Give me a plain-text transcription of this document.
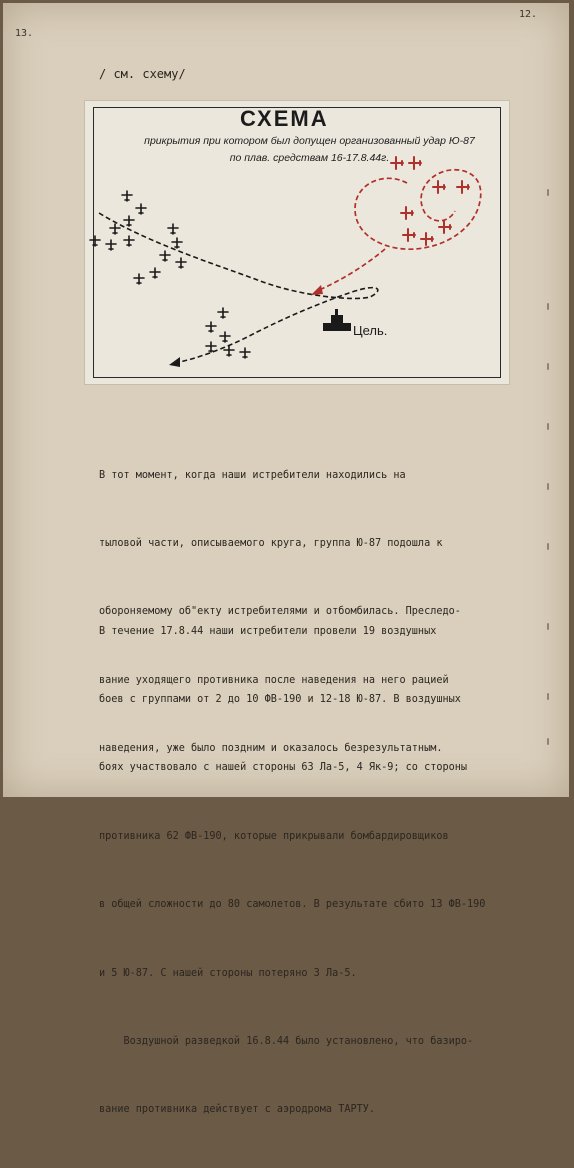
13.
12.
/ см. схему/
СХЕМА
прикрытия при котором был допущен организованный удар Ю-87 по плав. средствам 16-17.8.44г.
Цель.

В тот момент, когда наши истребители находились на

тыловой части, описываемого круга, группа Ю-87 подошла к

обороняемому об"екту истребителями и отбомбилась. Преследо-

вание уходящего противника после наведения на него рацией

наведения, уже было поздним и оказалось безрезультатным.

В течение 17.8.44 наши истребители провели 19 воздушных

боев с группами от 2 до 10 ФВ-190 и 12-18 Ю-87. В воздушных

боях участвовало с нашей стороны 63 Ла-5, 4 Як-9; со стороны

противника 62 ФВ-190, которые прикрывали бомбардировщиков

в общей сложности до 80 самолетов. В результате сбито 13 ФВ-190

и 5 Ю-87. С нашей стороны потеряно 3 Ла-5.

Воздушной разведкой 16.8.44 было установлено, что базиро-

вание противника действует с аэродрома ТАРТУ.
